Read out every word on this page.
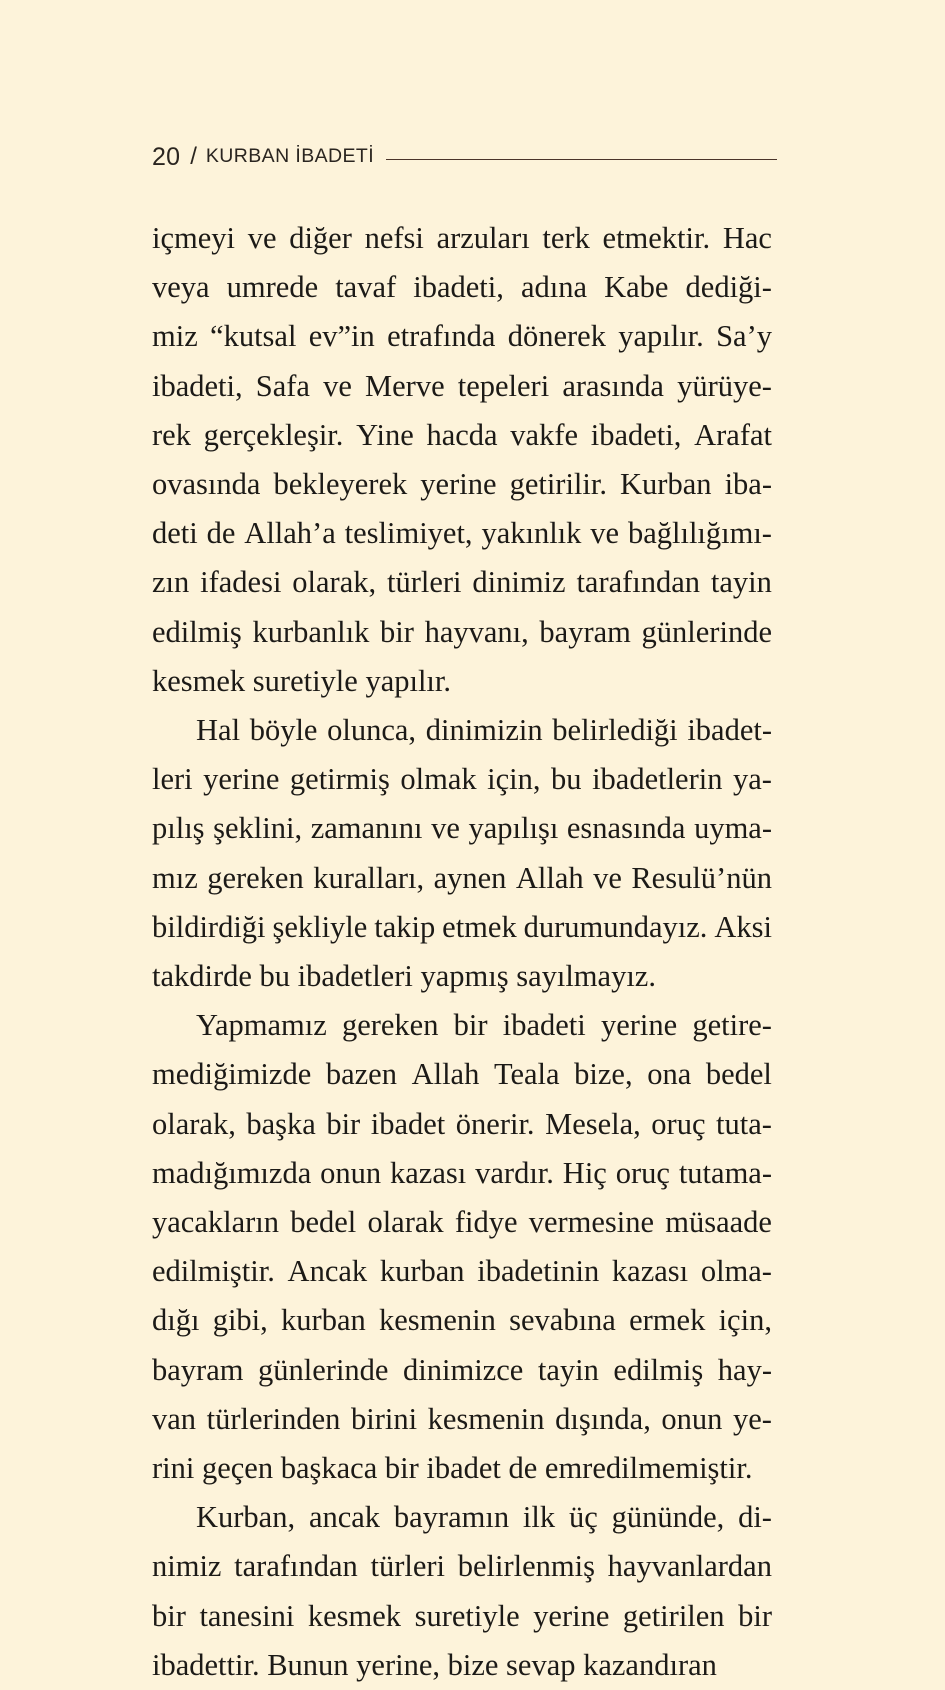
20 / KURBAN İBADETİ
içmeyi ve diğer nefsi arzuları terk etmektir. Hac
veya umrede tavaf ibadeti, adına Kabe dediği-
miz “kutsal ev”in etrafında dönerek yapılır. Sa’y
ibadeti, Safa ve Merve tepeleri arasında yürüye-
rek gerçekleşir. Yine hacda vakfe ibadeti, Arafat
ovasında bekleyerek yerine getirilir. Kurban iba-
deti de Allah’a teslimiyet, yakınlık ve bağlılığımı-
zın ifadesi olarak, türleri dinimiz tarafından tayin
edilmiş kurbanlık bir hayvanı, bayram günlerinde
kesmek suretiyle yapılır.
Hal böyle olunca, dinimizin belirlediği ibadet-
leri yerine getirmiş olmak için, bu ibadetlerin ya-
pılış şeklini, zamanını ve yapılışı esnasında uyma-
mız gereken kuralları, aynen Allah ve Resulü’nün
bildirdiği şekliyle takip etmek durumundayız. Aksi
takdirde bu ibadetleri yapmış sayılmayız.
Yapmamız gereken bir ibadeti yerine getire-
mediğimizde bazen Allah Teala bize, ona bedel
olarak, başka bir ibadet önerir. Mesela, oruç tuta-
madığımızda onun kazası vardır. Hiç oruç tutama-
yacakların bedel olarak fidye vermesine müsaade
edilmiştir. Ancak kurban ibadetinin kazası olma-
dığı gibi, kurban kesmenin sevabına ermek için,
bayram günlerinde dinimizce tayin edilmiş hay-
van türlerinden birini kesmenin dışında, onun ye-
rini geçen başkaca bir ibadet de emredilmemiştir.
Kurban, ancak bayramın ilk üç gününde, di-
nimiz tarafından türleri belirlenmiş hayvanlardan
bir tanesini kesmek suretiyle yerine getirilen bir
ibadettir. Bunun yerine, bize sevap kazandıran
